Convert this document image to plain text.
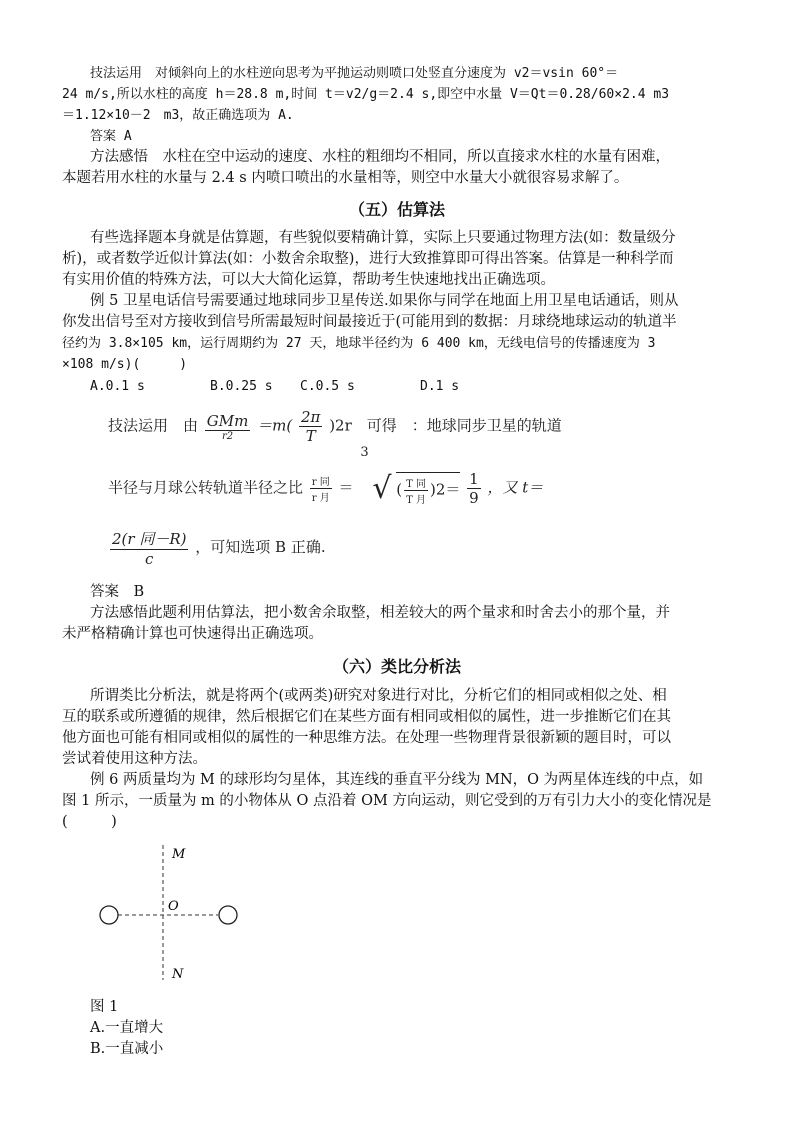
技法运用　对倾斜向上的水柱逆向思考为平抛运动则喷口处竖直分速度为 v2＝vsin 60°＝
24 m/s,所以水柱的高度 h＝28.8 m,时间 t＝v2/g＝2.4 s,即空中水量 V＝Qt＝0.28/60×2.4 m3
＝1.12×10－2　m3，故正确选项为 A.
答案 A
方法感悟　水柱在空中运动的速度、水柱的粗细均不相同，所以直接求水柱的水量有困难，
本题若用水柱的水量与 2.4 s 内喷口喷出的水量相等，则空中水量大小就很容易求解了。
（五）估算法
有些选择题本身就是估算题，有些貌似要精确计算，实际上只要通过物理方法(如：数量级分
析)，或者数学近似计算法(如：小数舍余取整)，进行大致推算即可得出答案。估算是一种科学而
有实用价值的特殊方法，可以大大简化运算，帮助考生快速地找出正确选项。
例 5 卫星电话信号需要通过地球同步卫星传送.如果你与同学在地面上用卫星电话通话，则从
你发出信号至对方接收到信号所需最短时间最接近于(可能用到的数据：月球绕地球运动的轨道半
径约为 3.8×105 km，运行周期约为 27 天，地球半径约为 6 400 km，无线电信号的传播速度为 3
×108 m/s)(　　　)
A.0.1 s	B.0.25 s	C.0.5 s	D.1 s
技法运用　由 $\frac{\text{GMm}}{r2} =m( \frac{2\pi}{T} )2r$　可得　：地球同步卫星的轨道
半径与月球公转轨道半径之比 $\frac{\text{r 同}}{\text{r 月}}$ ＝
3
√ ( $\frac{\text{T 同}}{\text{T 月}} )2= \frac{1}{9}$ ，又 t＝
$\frac{\text{2(r 同－R)}}{c}$ ，可知选项 B 正确.
答案　B
方法感悟此题利用估算法，把小数舍余取整，相差较大的两个量求和时舍去小的那个量，并
未严格精确计算也可快速得出正确选项。
（六）类比分析法
所谓类比分析法，就是将两个(或两类)研究对象进行对比，分析它们的相同或相似之处、相
互的联系或所遵循的规律，然后根据它们在某些方面有相同或相似的属性，进一步推断它们在其
他方面也可能有相同或相似的属性的一种思维方法。在处理一些物理背景很新颖的题目时，可以
尝试着使用这种方法。
例 6 两质量均为 M 的球形均匀星体，其连线的垂直平分线为 MN，O 为两星体连线的中点，如
图 1 所示，一质量为 m 的小物体从 O 点沿着 OM 方向运动，则它受到的万有引力大小的变化情况是
(　　　)
M
O
N
图 1
A.一直增大
B.一直减小
